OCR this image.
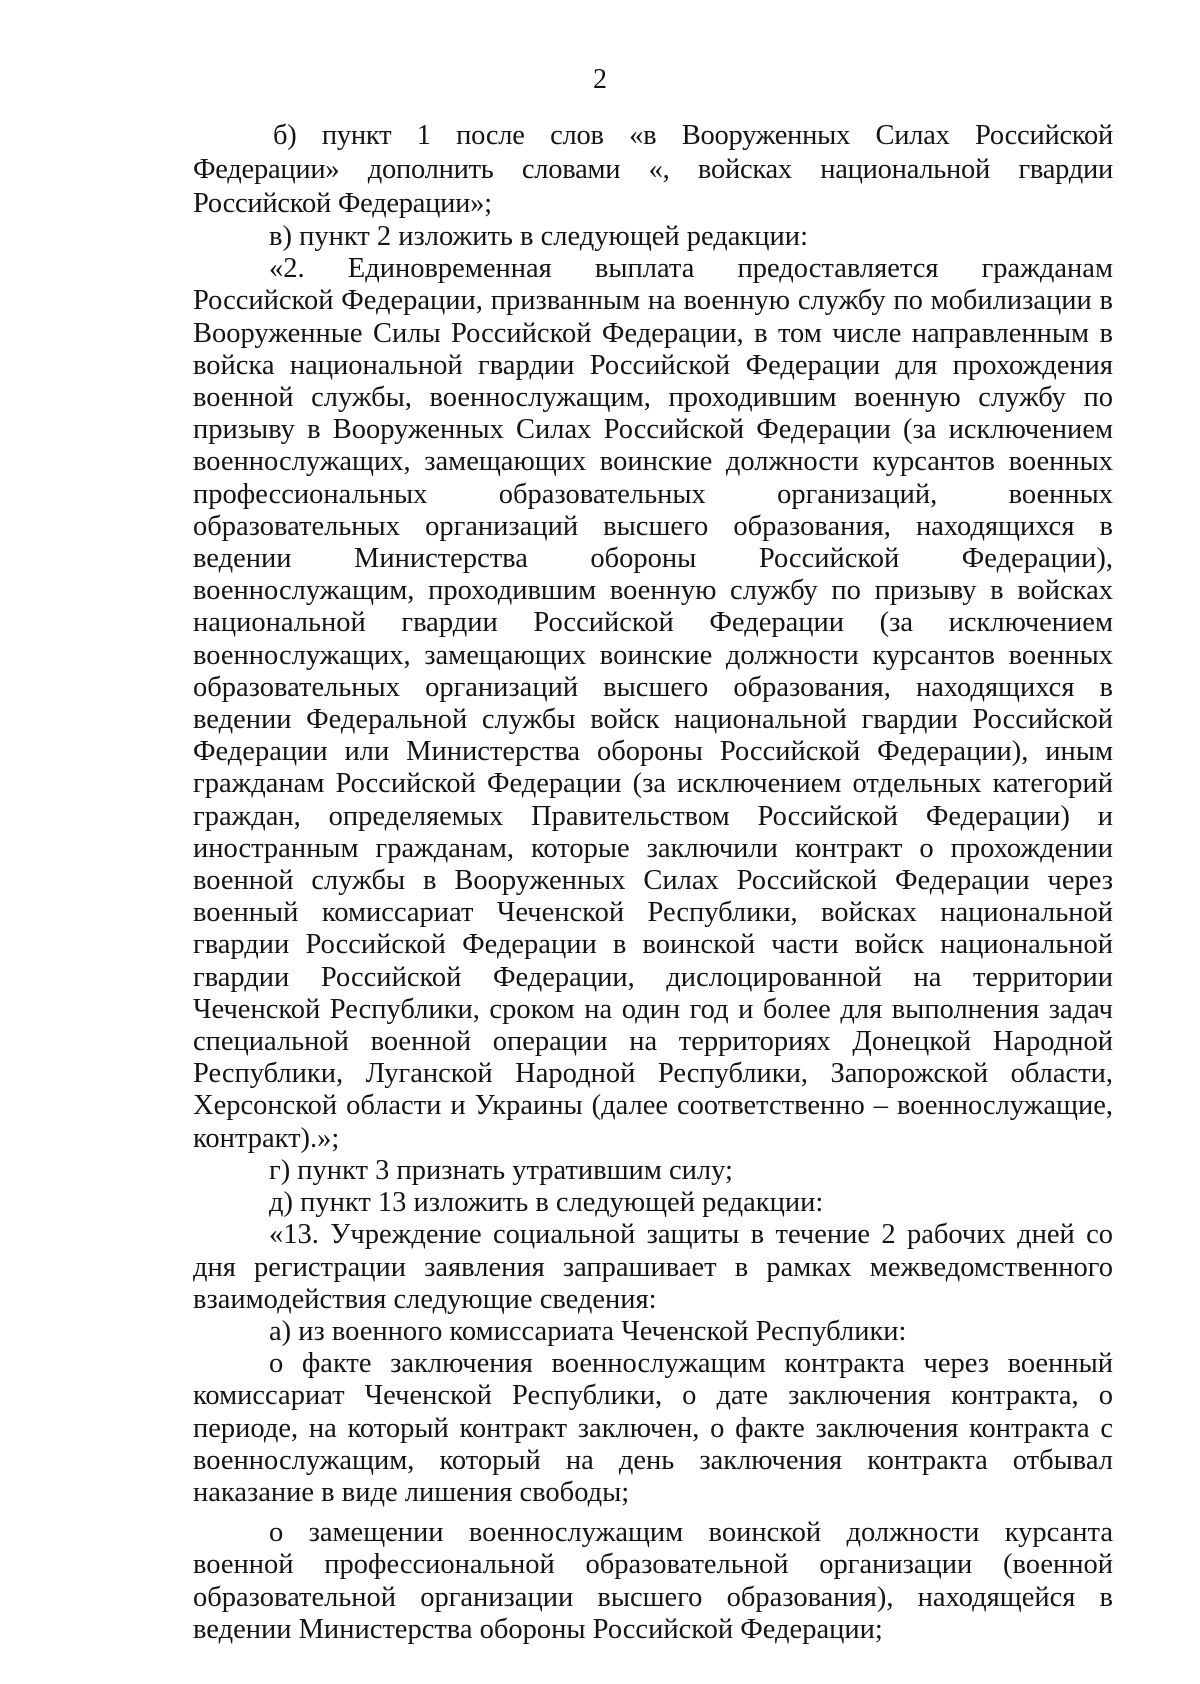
2

б) пункт 1 после слов «в Вооруженных Силах Российской Федерации» дополнить словами «, войсках национальной гвардии Российской Федерации»;

в) пункт 2 изложить в следующей редакции:

«2. Единовременная выплата предоставляется гражданам Российской Федерации, призванным на военную службу по мобилизации в Вооруженные Силы Российской Федерации, в том числе направленным в войска национальной гвардии Российской Федерации для прохождения военной службы, военнослужащим, проходившим военную службу по призыву в Вооруженных Силах Российской Федерации (за исключением военнослужащих, замещающих воинские должности курсантов военных профессиональных образовательных организаций, военных образовательных организаций высшего образования, находящихся в ведении Министерства обороны Российской Федерации), военнослужащим, проходившим военную службу по призыву в войсках национальной гвардии Российской Федерации (за исключением военнослужащих, замещающих воинские должности курсантов военных образовательных организаций высшего образования, находящихся в ведении Федеральной службы войск национальной гвардии Российской Федерации или Министерства обороны Российской Федерации), иным гражданам Российской Федерации (за исключением отдельных категорий граждан, определяемых Правительством Российской Федерации) и иностранным гражданам, которые заключили контракт о прохождении военной службы в Вооруженных Силах Российской Федерации через военный комиссариат Чеченской Республики, войсках национальной гвардии Российской Федерации в воинской части войск национальной гвардии Российской Федерации, дислоцированной на территории Чеченской Республики, сроком на один год и более для выполнения задач специальной военной операции на территориях Донецкой Народной Республики, Луганской Народной Республики, Запорожской области, Херсонской области и Украины (далее соответственно – военнослужащие, контракт).»;

г) пункт 3 признать утратившим силу;

д) пункт 13 изложить в следующей редакции:

«13. Учреждение социальной защиты в течение 2 рабочих дней со дня регистрации заявления запрашивает в рамках межведомственного взаимодействия следующие сведения:

а) из военного комиссариата Чеченской Республики:

о факте заключения военнослужащим контракта через военный комиссариат Чеченской Республики, о дате заключения контракта, о периоде, на который контракт заключен, о факте заключения контракта с военнослужащим, который на день заключения контракта отбывал наказание в виде лишения свободы;

о замещении военнослужащим воинской должности курсанта военной профессиональной образовательной организации (военной образовательной организации высшего образования), находящейся в ведении Министерства обороны Российской Федерации;
